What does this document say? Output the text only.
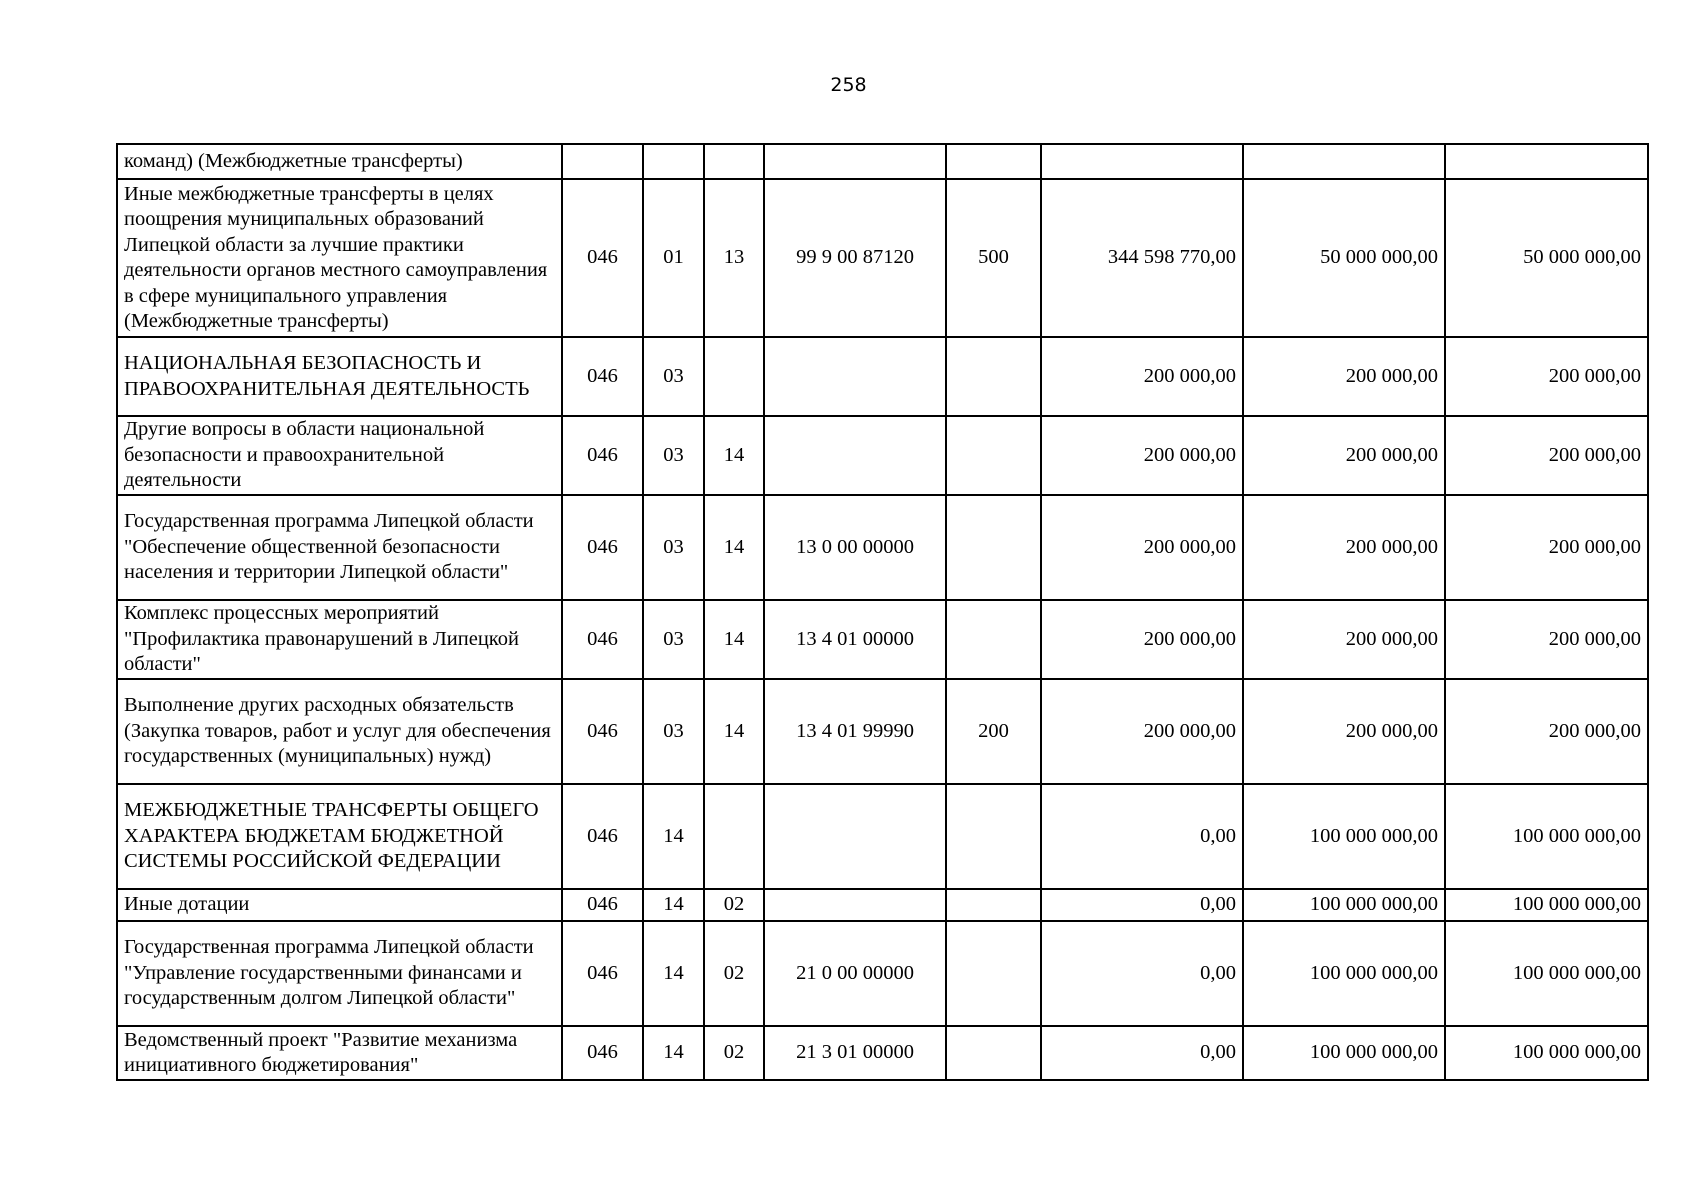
258
команд) (Межбюджетные трансферты)								
Иные межбюджетные трансферты в целях поощрения муниципальных образований Липецкой области за лучшие практики деятельности органов местного самоуправления в сфере муниципального управления (Межбюджетные трансферты)	046	01	13	99 9 00 87120	500	344 598 770,00	50 000 000,00	50 000 000,00
НАЦИОНАЛЬНАЯ БЕЗОПАСНОСТЬ И ПРАВООХРАНИТЕЛЬНАЯ ДЕЯТЕЛЬНОСТЬ	046	03				200 000,00	200 000,00	200 000,00
Другие вопросы в области национальной безопасности и правоохранительной деятельности	046	03	14			200 000,00	200 000,00	200 000,00
Государственная программа Липецкой области "Обеспечение общественной безопасности населения и территории Липецкой области"	046	03	14	13 0 00 00000		200 000,00	200 000,00	200 000,00
Комплекс процессных мероприятий "Профилактика правонарушений в Липецкой области"	046	03	14	13 4 01 00000		200 000,00	200 000,00	200 000,00
Выполнение других расходных обязательств (Закупка товаров, работ и услуг для обеспечения государственных (муниципальных) нужд)	046	03	14	13 4 01 99990	200	200 000,00	200 000,00	200 000,00
МЕЖБЮДЖЕТНЫЕ ТРАНСФЕРТЫ ОБЩЕГО ХАРАКТЕРА БЮДЖЕТАМ БЮДЖЕТНОЙ СИСТЕМЫ РОССИЙСКОЙ ФЕДЕРАЦИИ	046	14				0,00	100 000 000,00	100 000 000,00
Иные дотации	046	14	02			0,00	100 000 000,00	100 000 000,00
Государственная программа Липецкой области "Управление государственными финансами и государственным долгом Липецкой области"	046	14	02	21 0 00 00000		0,00	100 000 000,00	100 000 000,00
Ведомственный проект "Развитие механизма инициативного бюджетирования"	046	14	02	21 3 01 00000		0,00	100 000 000,00	100 000 000,00
